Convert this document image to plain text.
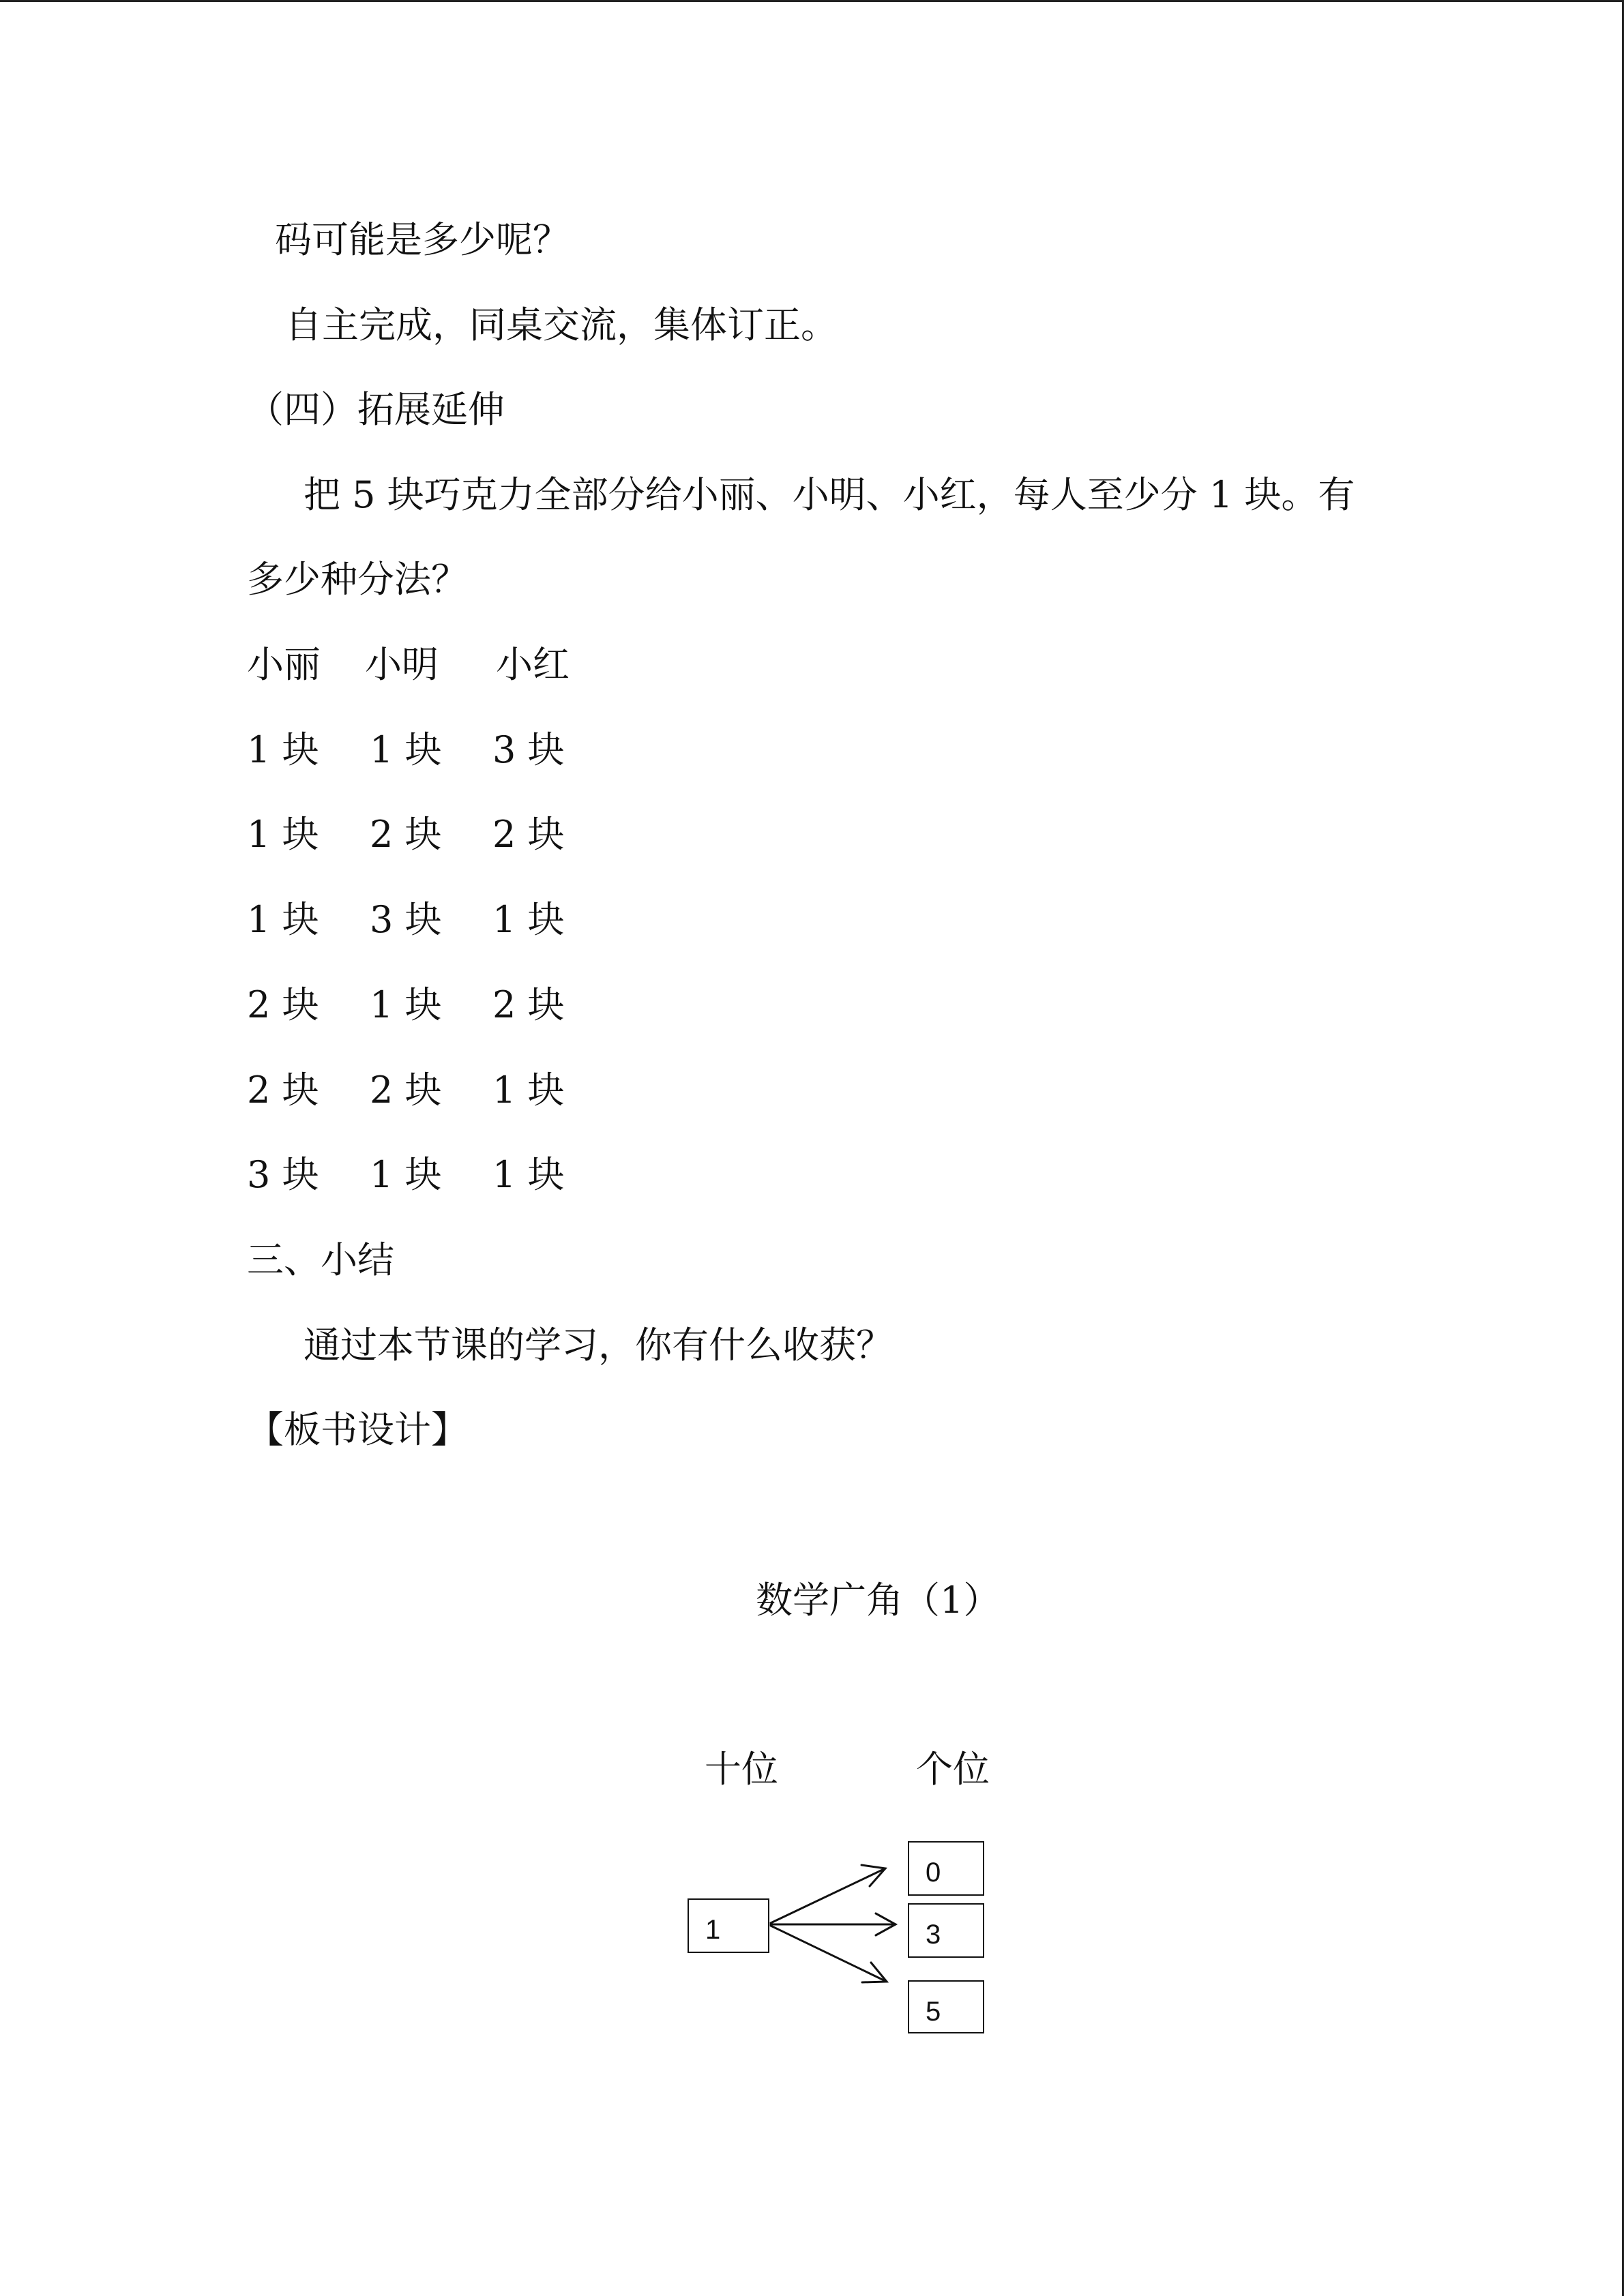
码可能是多少呢？
自主完成，同桌交流，集体订正。
（四）拓展延伸
把 5 块巧克力全部分给小丽、小明、小红，每人至少分 1 块。有
多少种分法？
小丽 小明 小红
1 块 1 块 3 块
1 块 2 块 2 块
1 块 3 块 1 块
2 块 1 块 2 块
2 块 2 块 1 块
3 块 1 块 1 块
三、小结
通过本节课的学习，你有什么收获？
【板书设计】
数学广角（1）
十位	个位
1
0
3
5
